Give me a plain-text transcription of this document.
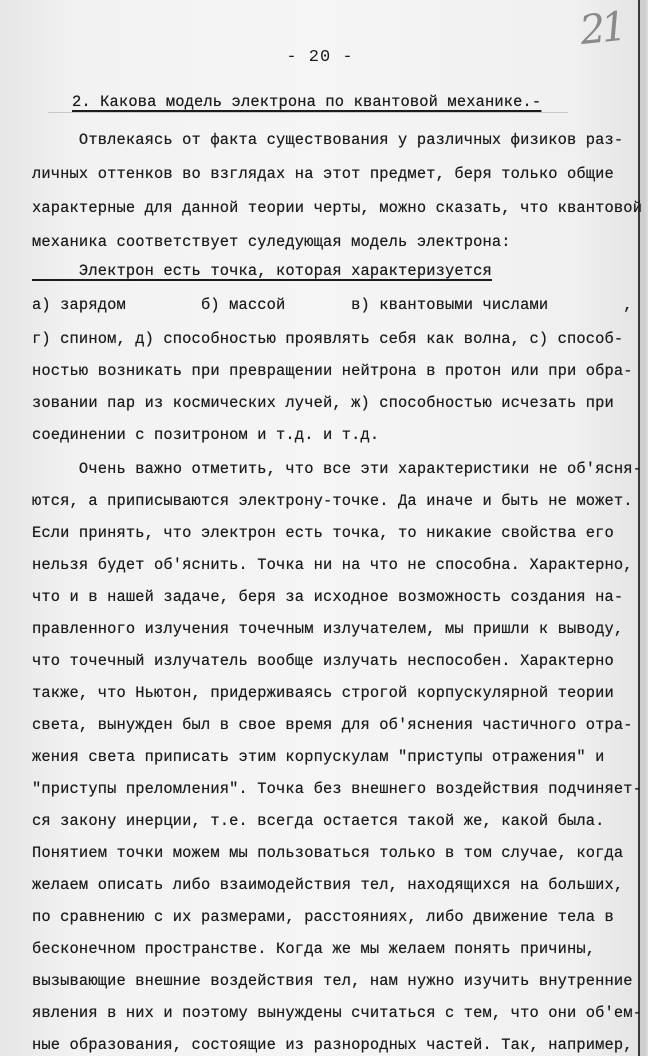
21
- 20 -
2. Какова модель электрона по квантовой механике.-
Отвлекаясь от факта существования у различных физиков раз-
личных оттенков во взглядах на этот предмет, беря только общие
характерные для данной теории черты, можно сказать, что квантовой
механика соответствует суледующая модель электрона:
Электрон есть точка, которая характеризуется
а) зарядом        б) массой       в) квантовыми числами        ,
г) спином, д) способностью проявлять себя как волна, с) способ-
ностью возникать при превращении нейтрона в протон или при обра-
зовании пар из космических лучей, ж) способностью исчезать при
соединении с позитроном и т.д. и т.д.
Очень важно отметить, что все эти характеристики не об'ясня-
ются, а приписываются электрону-точке. Да иначе и быть не может.
Если принять, что электрон есть точка, то никакие свойства его
нельзя будет об'яснить. Точка ни на что не способна. Характерно,
что и в нашей задаче, беря за исходное возможность создания на-
правленного излучения точечным излучателем, мы пришли к выводу,
что точечный излучатель вообще излучать неспособен. Характерно
также, что Ньютон, придерживаясь строгой корпускулярной теории
света, вынужден был в свое время для об'яснения частичного отра-
жения света приписать этим корпускулам "приступы отражения" и
"приступы преломления". Точка без внешнего воздействия подчиняет-
ся закону инерции, т.е. всегда остается такой же, какой была.
Понятием точки можем мы пользоваться только в том случае, когда
желаем описать либо взаимодействия тел, находящихся на больших,
по сравнению с их размерами, расстояниях, либо движение тела в
бесконечном пространстве. Когда же мы желаем понять причины,
вызывающие внешние воздействия тел, нам нужно изучить внутренние
явления в них и поэтому вынуждены считаться с тем, что они об'ем-
ные образования, состоящие из разнородных частей. Так, например,
